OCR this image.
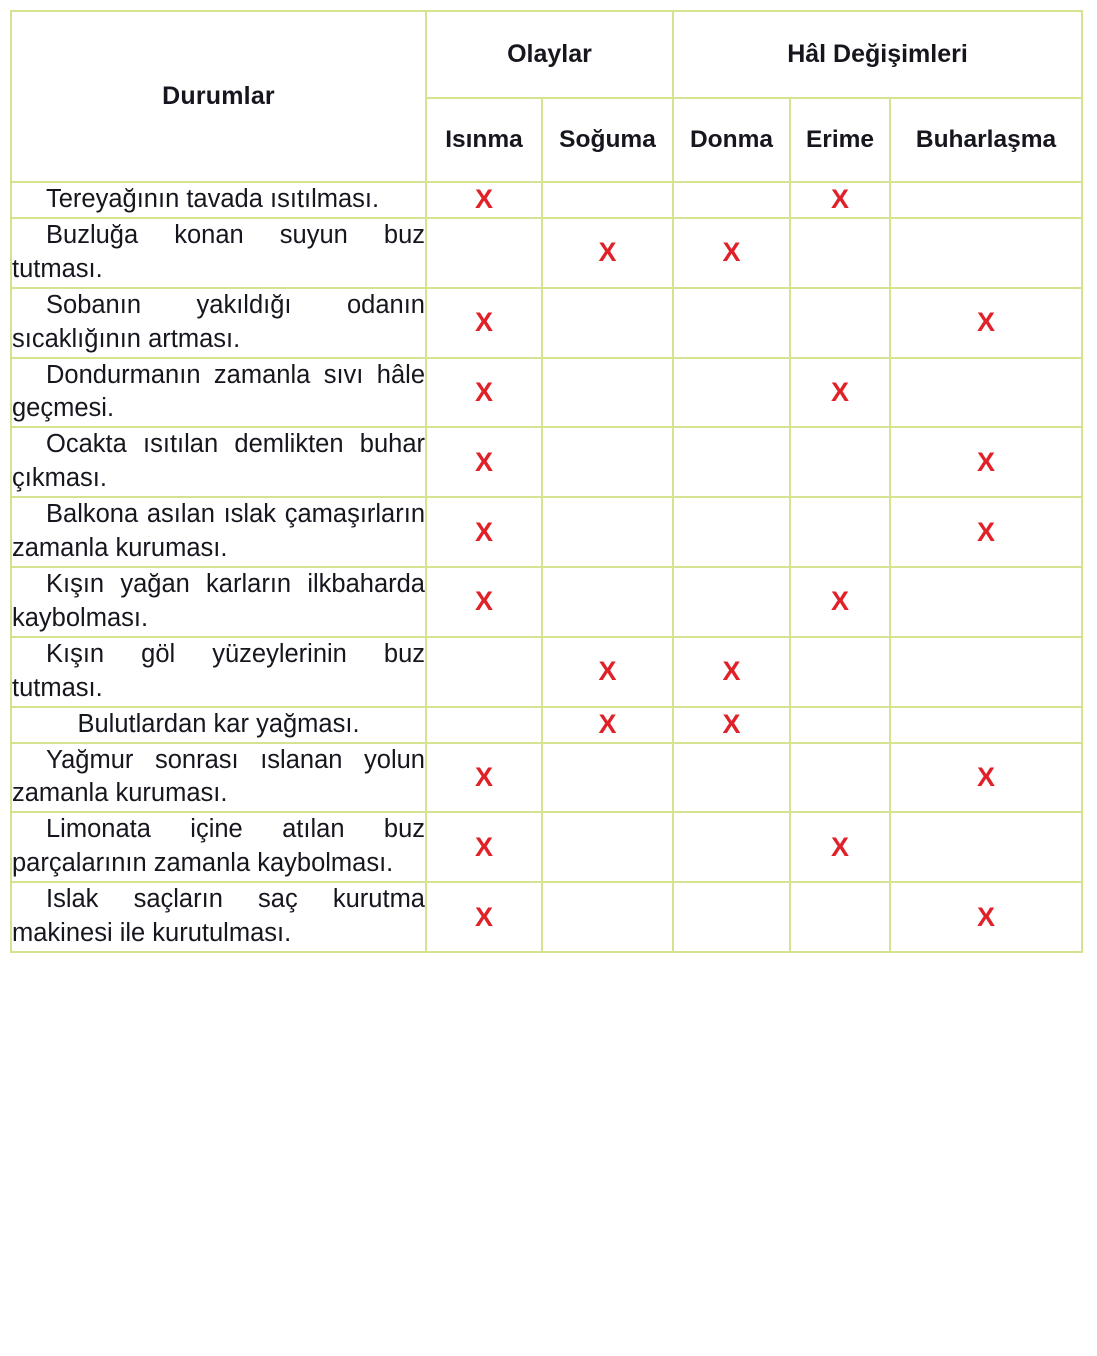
Durumlar	Olaylar		Hâl Değişimleri		
	Isınma	Soğuma	Donma	Erime	Buharlaşma

Tereyağının tavada ısıtılması.	X			X	

Buzluğa konan suyun buz tutması.		X	X		

Sobanın yakıldığı odanın sıcaklığının artması.	X				X

Dondurmanın zamanla sıvı hâle geçmesi.	X			X	

Ocakta ısıtılan demlikten buhar çıkması.	X				X

Balkona asılan ıslak çamaşırların zamanla kuruması.	X				X

Kışın yağan karların ilkbaharda kaybolması.	X			X	

Kışın göl yüzeylerinin buz tutması.		X	X		

Bulutlardan kar yağması.		X	X		

Yağmur sonrası ıslanan yolun zamanla kuruması.	X				X

Limonata içine atılan buz parçalarının zamanla kaybolması.	X			X	

Islak saçların saç kurutma makinesi ile kurutulması.	X				X
